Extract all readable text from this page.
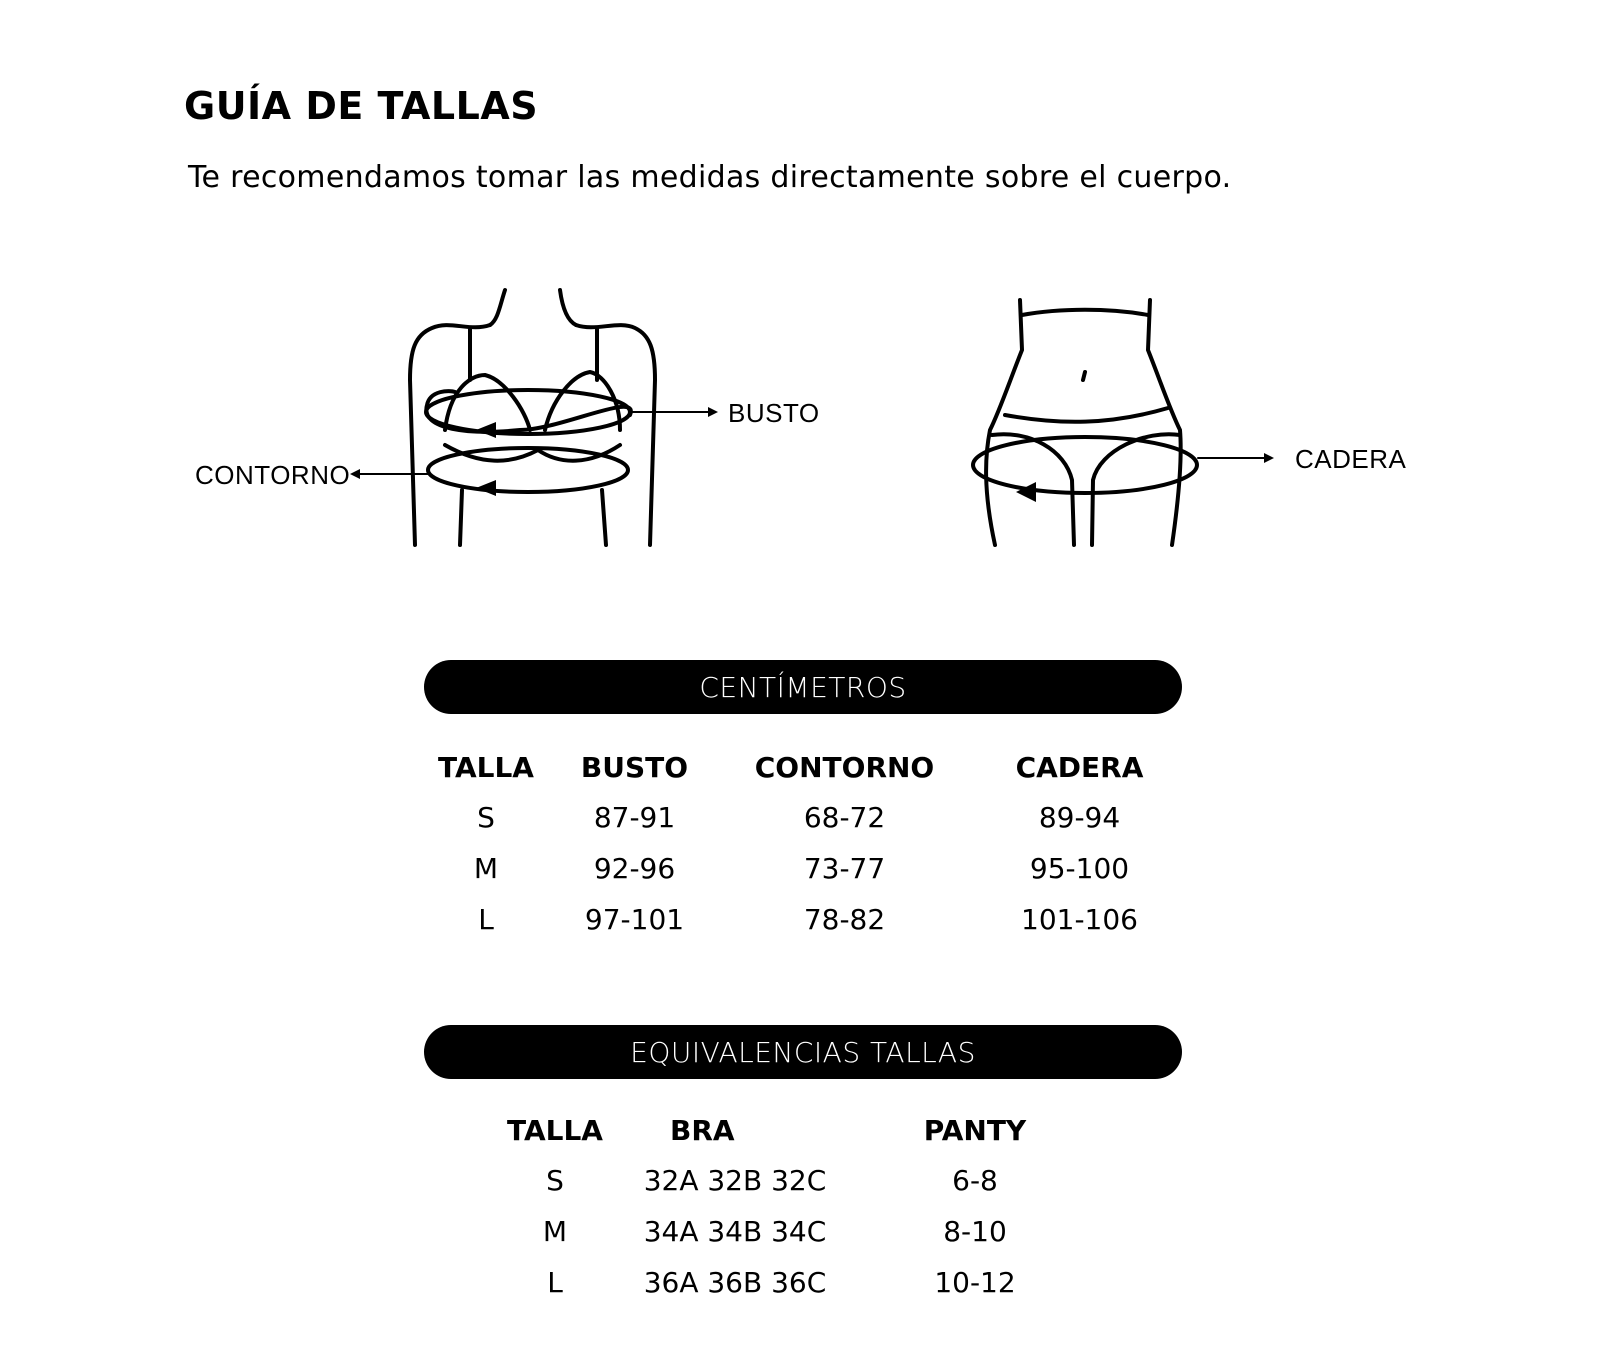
GUÍA DE TALLAS

Te recomendamos tomar las medidas directamente sobre el cuerpo.

BUSTO
CONTORNO
CADERA
CENTÍMETROS
TALLA	BUSTO	CONTORNO	CADERA
S	87-91	68-72	89-94
M	92-96	73-77	95-100
L	97-101	78-82	101-106
EQUIVALENCIAS TALLAS
TALLA	BRA	PANTY
S	32A 32B 32C	6-8
M	34A 34B 34C	8-10
L	36A 36B 36C	10-12
